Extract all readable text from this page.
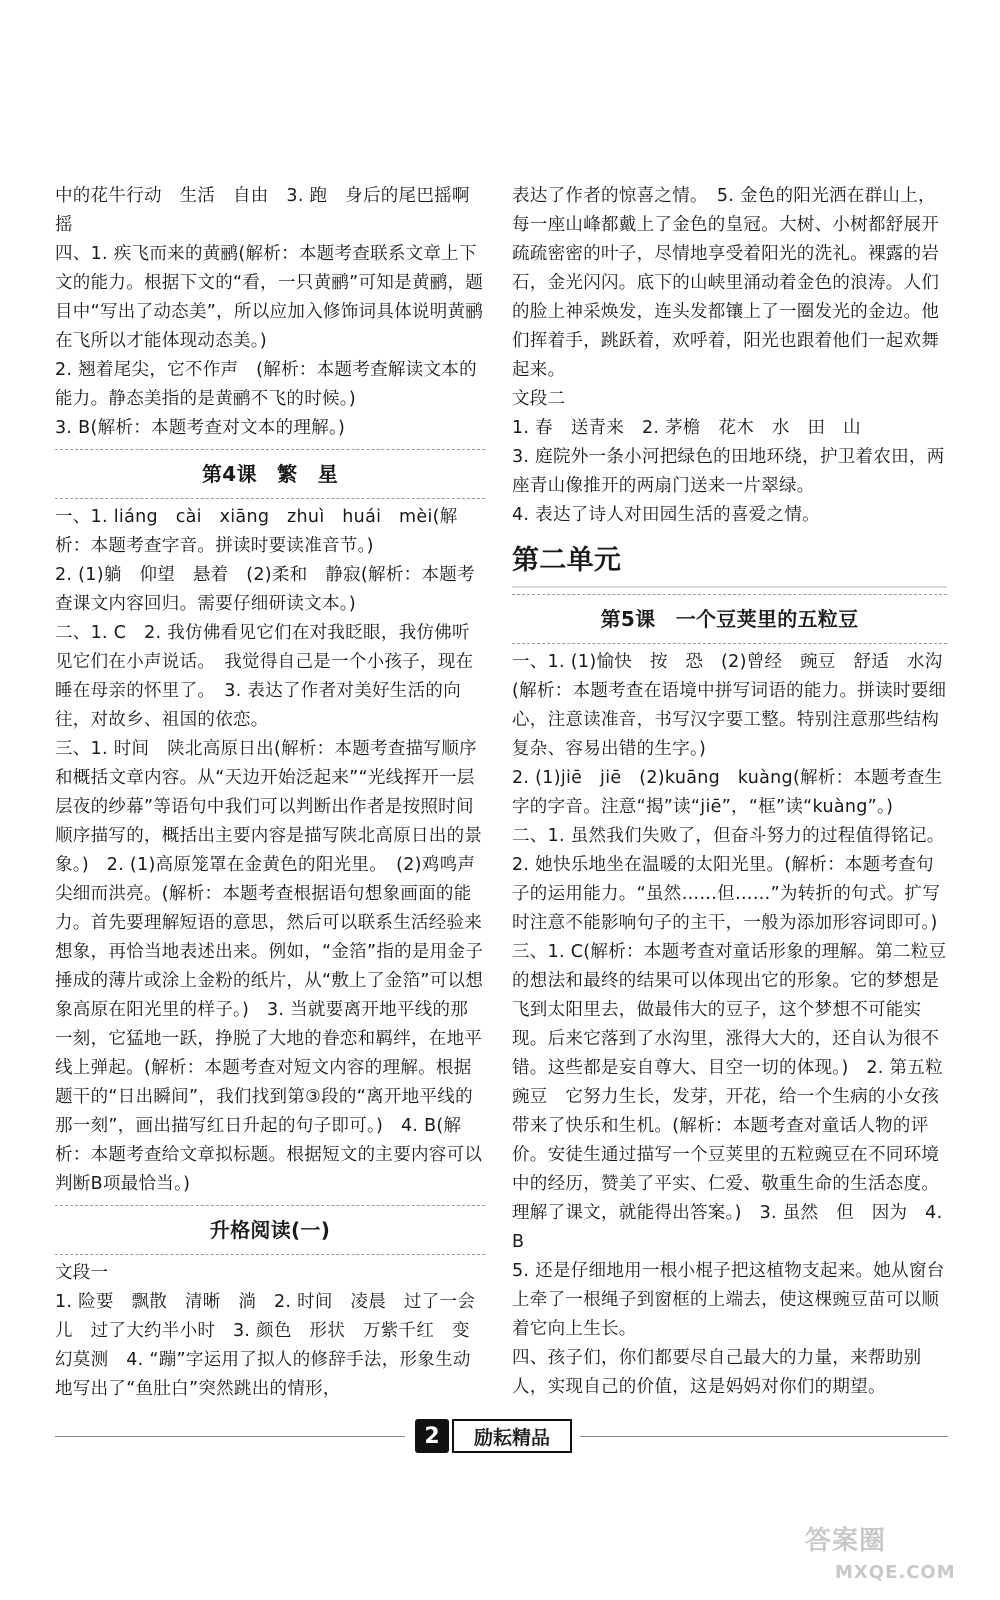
中的花牛行动　生活　自由　3. 跑　身后的尾巴摇啊摇

四、1. 疾飞而来的黄鹂(解析：本题考查联系文章上下文的能力。根据下文的“看，一只黄鹂”可知是黄鹂，题目中“写出了动态美”，所以应加入修饰词具体说明黄鹂在飞所以才能体现动态美。)

2. 翘着尾尖，它不作声　(解析：本题考查解读文本的能力。静态美指的是黄鹂不飞的时候。)

3. B(解析：本题考查对文本的理解。)

第4课　繁　星

一、1. liáng　cài　xiāng　zhuì　huái　mèi(解析：本题考查字音。拼读时要读准音节。)

2. (1)躺　仰望　悬着　(2)柔和　静寂(解析：本题考查课文内容回归。需要仔细研读文本。)

二、1. C　2. 我仿佛看见它们在对我眨眼，我仿佛听见它们在小声说话。　我觉得自己是一个小孩子，现在睡在母亲的怀里了。　3. 表达了作者对美好生活的向往，对故乡、祖国的依恋。

三、1. 时间　陕北高原日出(解析：本题考查描写顺序和概括文章内容。从“天边开始泛起来”“光线挥开一层层夜的纱幕”等语句中我们可以判断出作者是按照时间顺序描写的，概括出主要内容是描写陕北高原日出的景象。)　2. (1)高原笼罩在金黄色的阳光里。　(2)鸡鸣声尖细而洪亮。(解析：本题考查根据语句想象画面的能力。首先要理解短语的意思，然后可以联系生活经验来想象，再恰当地表述出来。例如，“金箔”指的是用金子捶成的薄片或涂上金粉的纸片，从“敷上了金箔”可以想象高原在阳光里的样子。)　3. 当就要离开地平线的那一刻，它猛地一跃，挣脱了大地的眷恋和羁绊，在地平线上弹起。(解析：本题考查对短文内容的理解。根据题干的“日出瞬间”，我们找到第③段的“离开地平线的那一刻”，画出描写红日升起的句子即可。)　4. B(解析：本题考查给文章拟标题。根据短文的主要内容可以判断B项最恰当。)

升格阅读(一)

文段一

1. 险要　飘散　清晰　淌　2. 时间　凌晨　过了一会儿　过了大约半小时　3. 颜色　形状　万紫千红　变幻莫测　4. “蹦”字运用了拟人的修辞手法，形象生动地写出了“鱼肚白”突然跳出的情形，

表达了作者的惊喜之情。　5. 金色的阳光洒在群山上，每一座山峰都戴上了金色的皇冠。大树、小树都舒展开疏疏密密的叶子，尽情地享受着阳光的洗礼。裸露的岩石，金光闪闪。底下的山峡里涌动着金色的浪涛。人们的脸上神采焕发，连头发都镶上了一圈发光的金边。他们挥着手，跳跃着，欢呼着，阳光也跟着他们一起欢舞起来。

文段二

1. 春　送青来　2. 茅檐　花木　水　田　山

3. 庭院外一条小河把绿色的田地环绕，护卫着农田，两座青山像推开的两扇门送来一片翠绿。

4. 表达了诗人对田园生活的喜爱之情。

第二单元
第5课　一个豆荚里的五粒豆

一、1. (1)愉快　按　恐　(2)曾经　豌豆　舒适　水沟(解析：本题考查在语境中拼写词语的能力。拼读时要细心，注意读准音，书写汉字要工整。特别注意那些结构复杂、容易出错的生字。)

2. (1)jiē　jiē　(2)kuāng　kuàng(解析：本题考查生字的字音。注意“揭”读“jiē”，“框”读“kuàng”。)

二、1. 虽然我们失败了，但奋斗努力的过程值得铭记。　2. 她快乐地坐在温暖的太阳光里。(解析：本题考查句子的运用能力。“虽然……但……”为转折的句式。扩写时注意不能影响句子的主干，一般为添加形容词即可。)

三、1. C(解析：本题考查对童话形象的理解。第二粒豆的想法和最终的结果可以体现出它的形象。它的梦想是飞到太阳里去，做最伟大的豆子，这个梦想不可能实现。后来它落到了水沟里，涨得大大的，还自认为很不错。这些都是妄自尊大、目空一切的体现。)　2. 第五粒豌豆　它努力生长，发芽，开花，给一个生病的小女孩带来了快乐和生机。(解析：本题考查对童话人物的评价。安徒生通过描写一个豆荚里的五粒豌豆在不同环境中的经历，赞美了平实、仁爱、敬重生命的生活态度。理解了课文，就能得出答案。)　3. 虽然　但　因为　4. B

5. 还是仔细地用一根小棍子把这植物支起来。她从窗台上牵了一根绳子到窗框的上端去，使这棵豌豆苗可以顺着它向上生长。

四、孩子们，你们都要尽自己最大的力量，来帮助别人，实现自己的价值，这是妈妈对你们的期望。

2	励耘精品
答案圈
MXQE.COM
